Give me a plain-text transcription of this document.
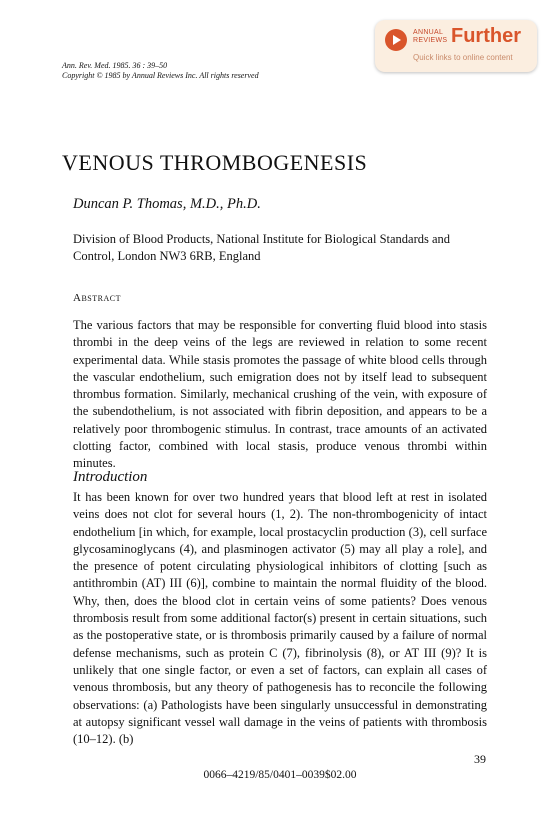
ANNUAL
REVIEWS Further
Quick links to online content
Ann. Rev. Med. 1985. 36 : 39–50
Copyright © 1985 by Annual Reviews Inc. All rights reserved
VENOUS THROMBOGENESIS
Duncan P. Thomas, M.D., Ph.D.
Division of Blood Products, National Institute for Biological Standards and Control, London NW3 6RB, England
Abstract
The various factors that may be responsible for converting fluid blood into stasis thrombi in the deep veins of the legs are reviewed in relation to some recent experimental data. While stasis promotes the passage of white blood cells through the vascular endothelium, such emigration does not by itself lead to subsequent thrombus formation. Similarly, mechanical crushing of the vein, with exposure of the subendothelium, is not associated with fibrin deposition, and appears to be a relatively poor thrombogenic stimulus. In contrast, trace amounts of an activated clotting factor, combined with local stasis, produce venous thrombi within minutes.
Introduction
It has been known for over two hundred years that blood left at rest in isolated veins does not clot for several hours (1, 2). The non-thrombogenicity of intact endothelium [in which, for example, local prostacyclin production (3), cell surface glycosaminoglycans (4), and plasminogen activator (5) may all play a role], and the presence of potent circulating physiological inhibitors of clotting [such as antithrombin (AT) III (6)], combine to maintain the normal fluidity of the blood. Why, then, does the blood clot in certain veins of some patients? Does venous thrombosis result from some additional factor(s) present in certain situations, such as the postoperative state, or is thrombosis primarily caused by a failure of normal defense mechanisms, such as protein C (7), fibrinolysis (8), or AT III (9)? It is unlikely that one single factor, or even a set of factors, can explain all cases of venous thrombosis, but any theory of pathogenesis has to reconcile the following observations: (a) Pathologists have been singularly unsuccessful in demonstrating at autopsy significant vessel wall damage in the veins of patients with thrombosis (10–12). (b)
39
0066–4219/85/0401–0039$02.00
